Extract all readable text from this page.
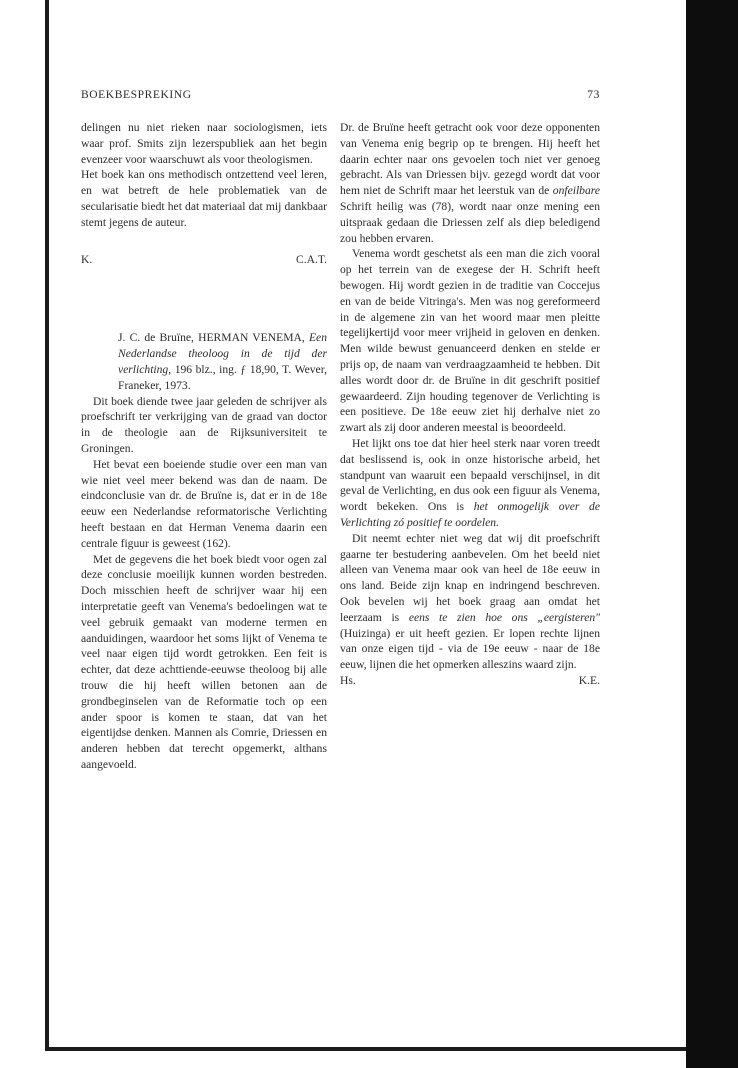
BOEKBESPREKING	73

delingen nu niet rieken naar sociologismen, iets waar prof. Smits zijn lezerspubliek aan het begin evenzeer voor waarschuwt als voor theologismen.

Het boek kan ons methodisch ontzettend veel leren, en wat betreft de hele problematiek van de secularisatie biedt het dat materiaal dat mij dankbaar stemt jegens de auteur.

K.	C.A.T.

J. C. de Bruïne, HERMAN VENEMA, Een Nederlandse theoloog in de tijd der verlichting, 196 blz., ing. ƒ 18,90, T. Wever, Franeker, 1973.

Dit boek diende twee jaar geleden de schrijver als proefschrift ter verkrijging van de graad van doctor in de theologie aan de Rijksuniversiteit te Groningen.

Het bevat een boeiende studie over een man van wie niet veel meer bekend was dan de naam. De eindconclusie van dr. de Bruïne is, dat er in de 18e eeuw een Nederlandse reformatorische Verlichting heeft bestaan en dat Herman Venema daarin een centrale figuur is geweest (162).

Met de gegevens die het boek biedt voor ogen zal deze conclusie moeilijk kunnen worden bestreden. Doch misschien heeft de schrijver waar hij een interpretatie geeft van Venema's bedoelingen wat te veel gebruik gemaakt van moderne termen en aanduidingen, waardoor het soms lijkt of Venema te veel naar eigen tijd wordt getrokken. Een feit is echter, dat deze achttiende-eeuwse theoloog bij alle trouw die hij heeft willen betonen aan de grondbeginselen van de Reformatie toch op een ander spoor is komen te staan, dat van het eigentijdse denken. Mannen als Comrie, Driessen en anderen hebben dat terecht opgemerkt, althans aangevoeld.

Dr. de Bruïne heeft getracht ook voor deze opponenten van Venema enig begrip op te brengen. Hij heeft het daarin echter naar ons gevoelen toch niet ver genoeg gebracht. Als van Driessen bijv. gezegd wordt dat voor hem niet de Schrift maar het leerstuk van de onfeilbare Schrift heilig was (78), wordt naar onze mening een uitspraak gedaan die Driessen zelf als diep beledigend zou hebben ervaren.

Venema wordt geschetst als een man die zich vooral op het terrein van de exegese der H. Schrift heeft bewogen. Hij wordt gezien in de traditie van Coccejus en van de beide Vitringa's. Men was nog gereformeerd in de algemene zin van het woord maar men pleitte tegelijkertijd voor meer vrijheid in geloven en denken. Men wilde bewust genuanceerd denken en stelde er prijs op, de naam van verdraagzaamheid te hebben. Dit alles wordt door dr. de Bruïne in dit geschrift positief gewaardeerd. Zijn houding tegenover de Verlichting is een positieve. De 18e eeuw ziet hij derhalve niet zo zwart als zij door anderen meestal is beoordeeld.

Het lijkt ons toe dat hier heel sterk naar voren treedt dat beslissend is, ook in onze historische arbeid, het standpunt van waaruit een bepaald verschijnsel, in dit geval de Verlichting, en dus ook een figuur als Venema, wordt bekeken. Ons is het onmogelijk over de Verlichting zó positief te oordelen.

Dit neemt echter niet weg dat wij dit proefschrift gaarne ter bestudering aanbevelen. Om het beeld niet alleen van Venema maar ook van heel de 18e eeuw in ons land. Beide zijn knap en indringend beschreven. Ook bevelen wij het boek graag aan omdat het leerzaam is eens te zien hoe ons „eergisteren" (Huizinga) er uit heeft gezien. Er lopen rechte lijnen van onze eigen tijd - via de 19e eeuw - naar de 18e eeuw, lijnen die het opmerken alleszins waard zijn.

Hs.	K.E.
